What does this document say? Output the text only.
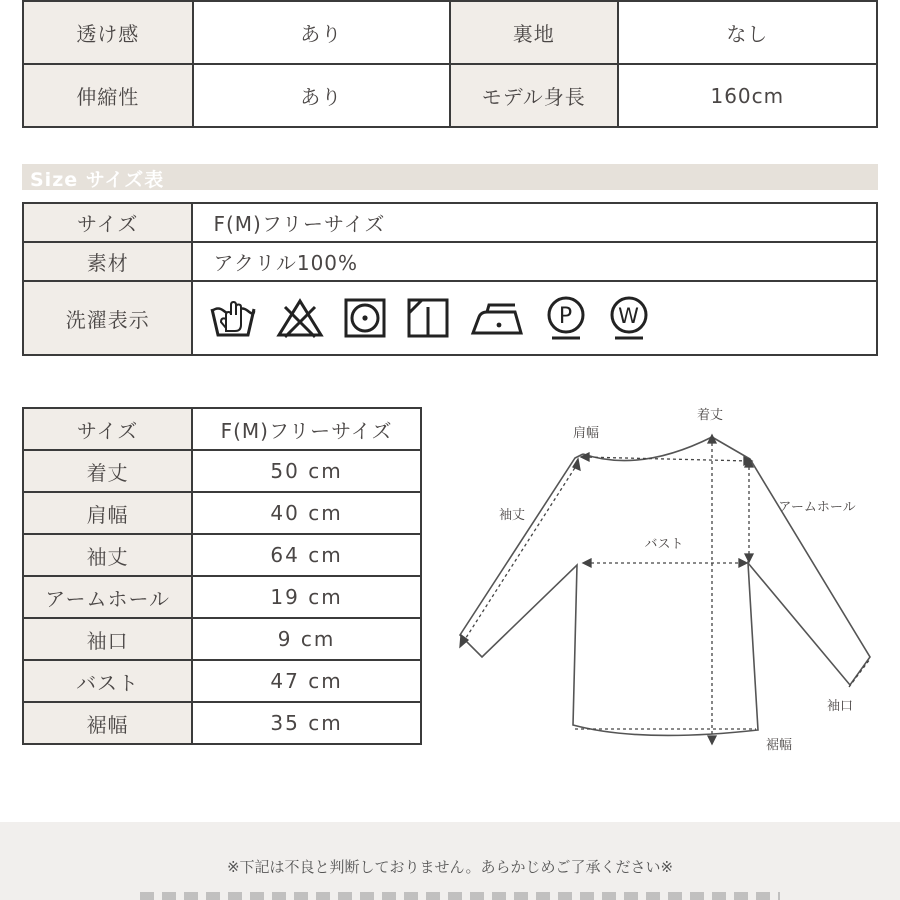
透け感	あり	裏地	なし
伸縮性	あり	モデル身長	160cm
Size サイズ表
サイズ	F(M)フリーサイズ
素材	アクリル100%
洗濯表示	P W
サイズ	F(M)フリーサイズ
着丈	50 cm
肩幅	40 cm
袖丈	64 cm
アームホール	19 cm
袖口	9 cm
バスト	47 cm
裾幅	35 cm
着丈
肩幅
袖丈
アームホール
バスト
袖口
裾幅
※下記は不良と判断しておりません。あらかじめご了承ください※
